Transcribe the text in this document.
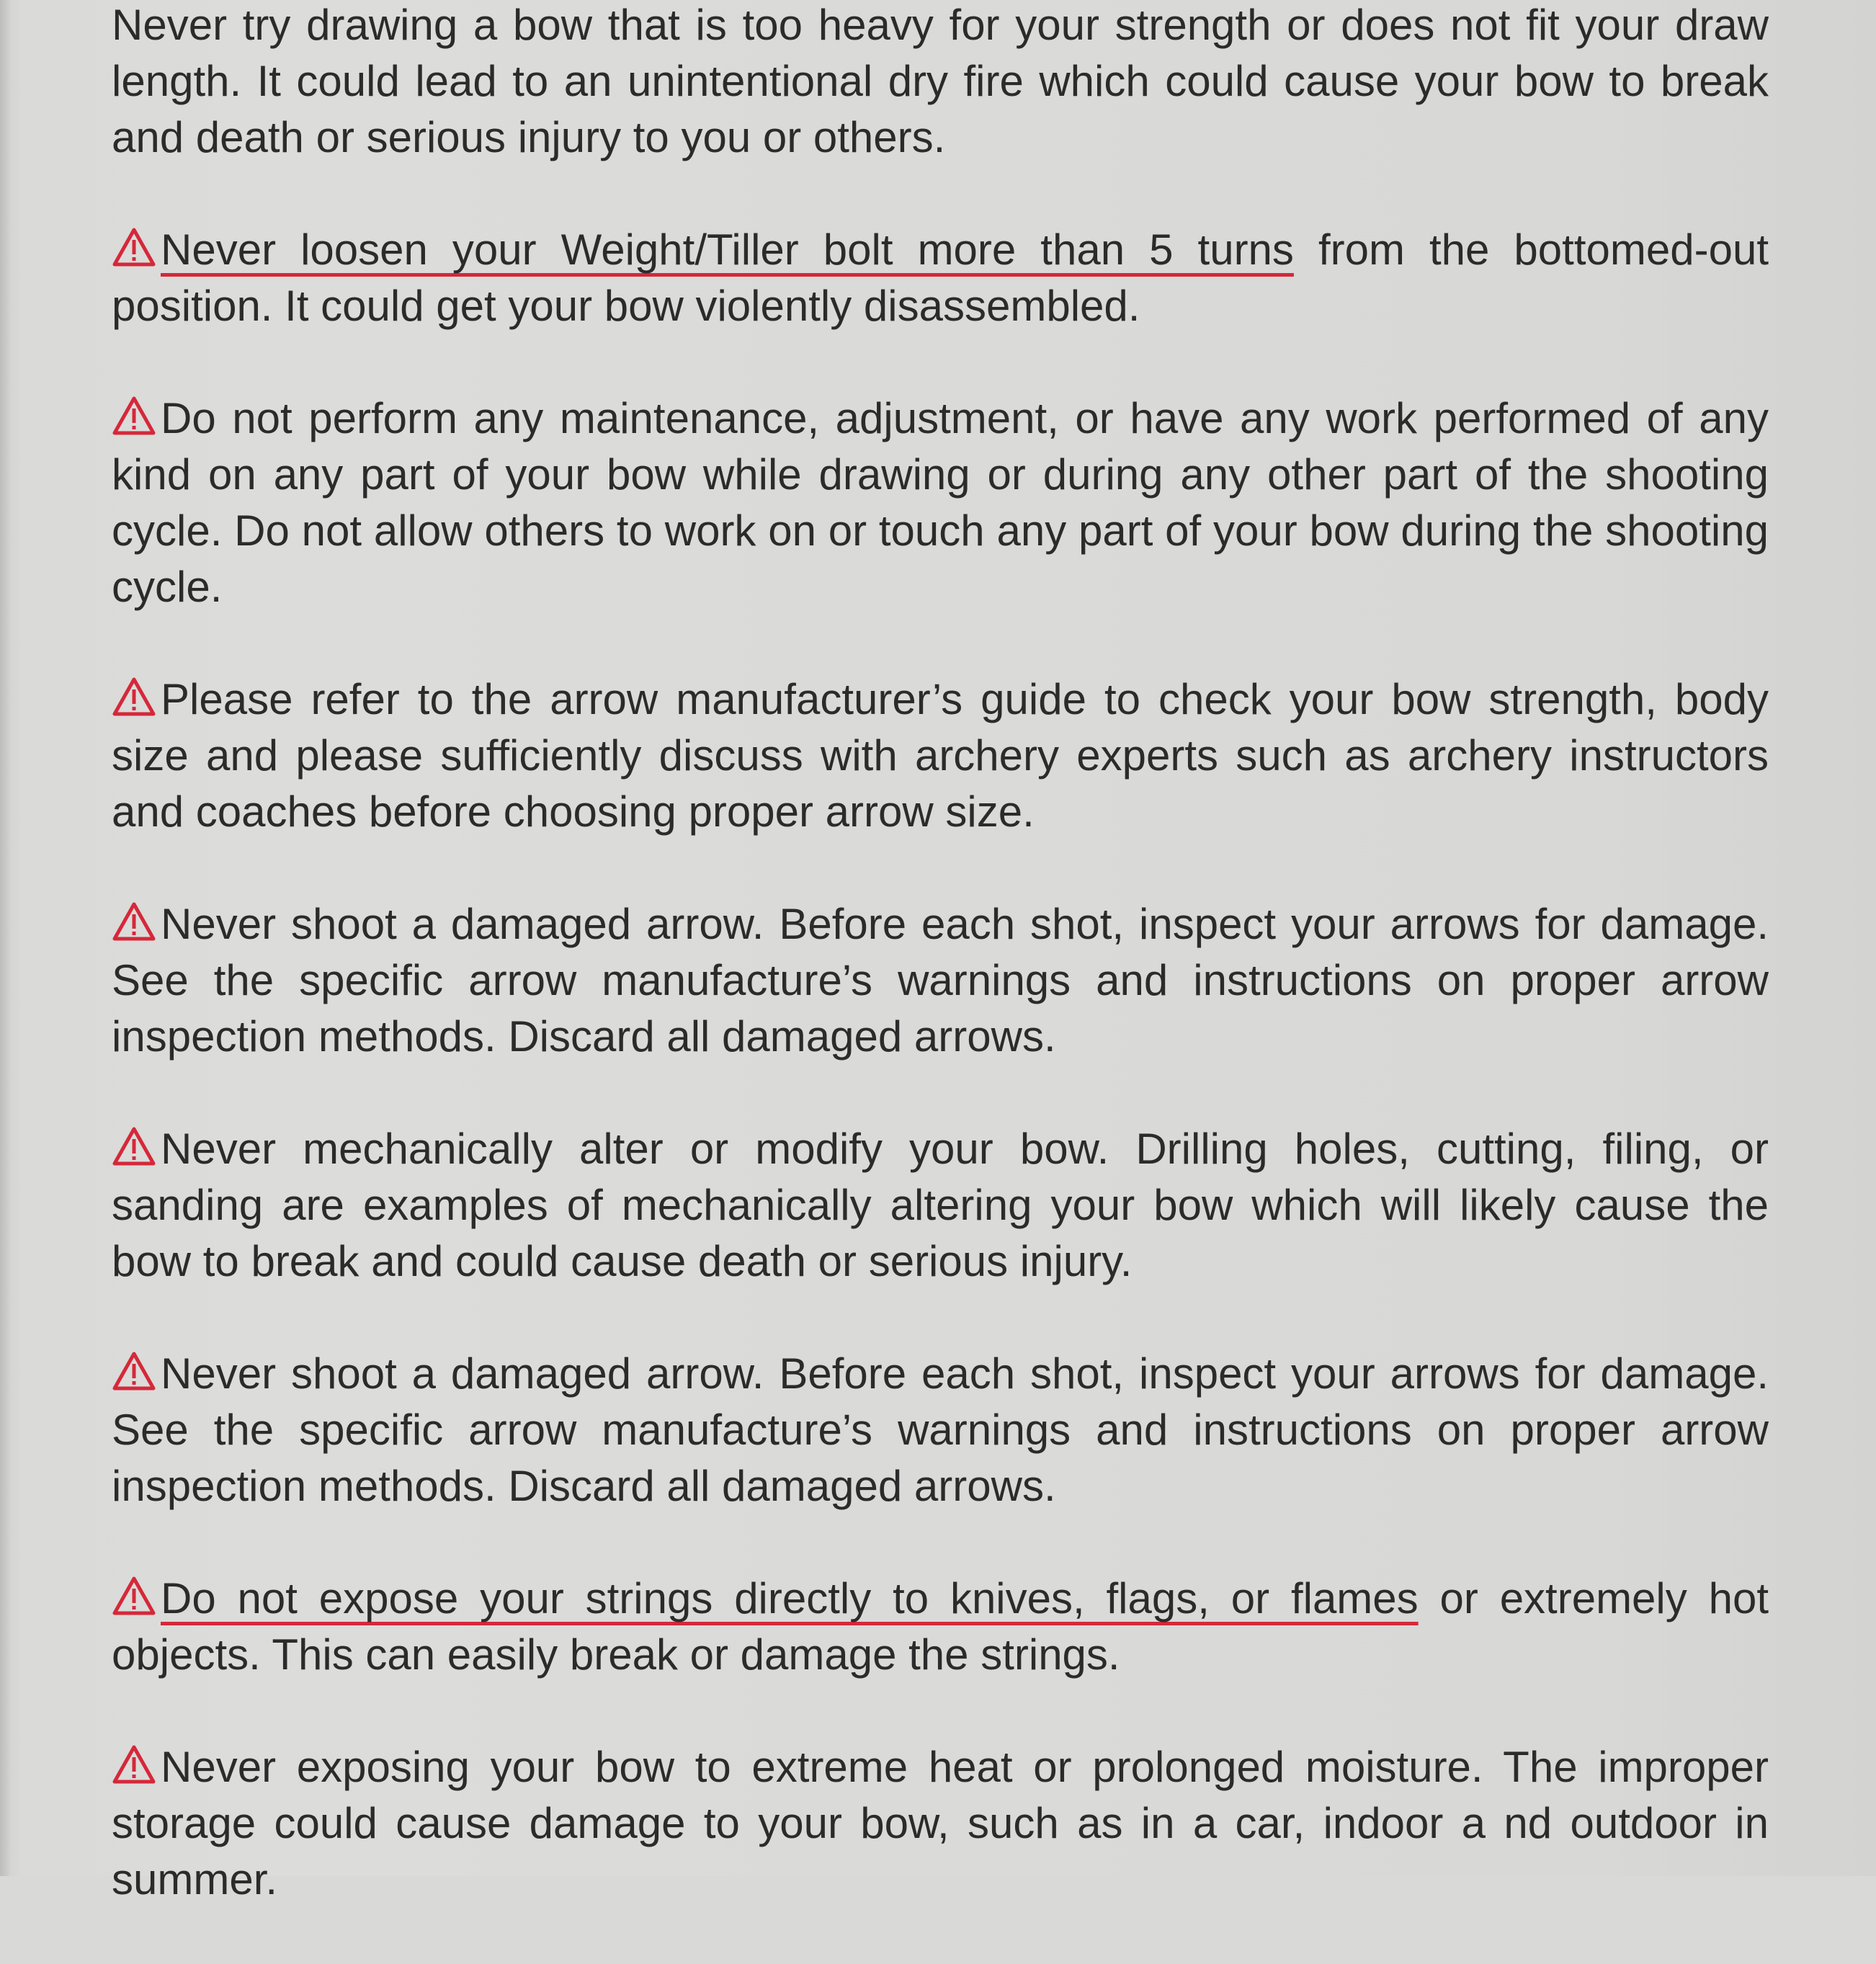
Never try drawing a bow that is too heavy for your strength or does not fit your draw length. It could lead to an unintentional dry fire which could cause your bow to break and death or serious injury to you or others.

Never loosen your Weight/Tiller bolt more than 5 turns from the bottomed-out position. It could get your bow violently disassembled.

Do not perform any maintenance, adjustment, or have any work performed of any kind on any part of your bow while drawing or during any other part of the shooting cycle. Do not allow others to work on or touch any part of your bow during the shooting cycle.

Please refer to the arrow manufacturer’s guide to check your bow strength, body size and please sufficiently discuss with archery experts such as archery instructors and coaches before choosing proper arrow size.

Never shoot a damaged arrow. Before each shot, inspect your arrows for damage. See the specific arrow manufacture’s warnings and instructions on proper arrow inspection methods. Discard all damaged arrows.

Never mechanically alter or modify your bow. Drilling holes, cutting, filing, or sanding are examples of mechanically altering your bow which will likely cause the bow to break and could cause death or serious injury.

Never shoot a damaged arrow. Before each shot, inspect your arrows for damage. See the specific arrow manufacture’s warnings and instructions on proper arrow inspection methods. Discard all damaged arrows.

Do not expose your strings directly to knives, flags, or flames or extremely hot objects. This can easily break or damage the strings.

Never exposing your bow to extreme heat or prolonged moisture. The improper storage could cause damage to your bow, such as in a car, indoor a nd outdoor in summer.
